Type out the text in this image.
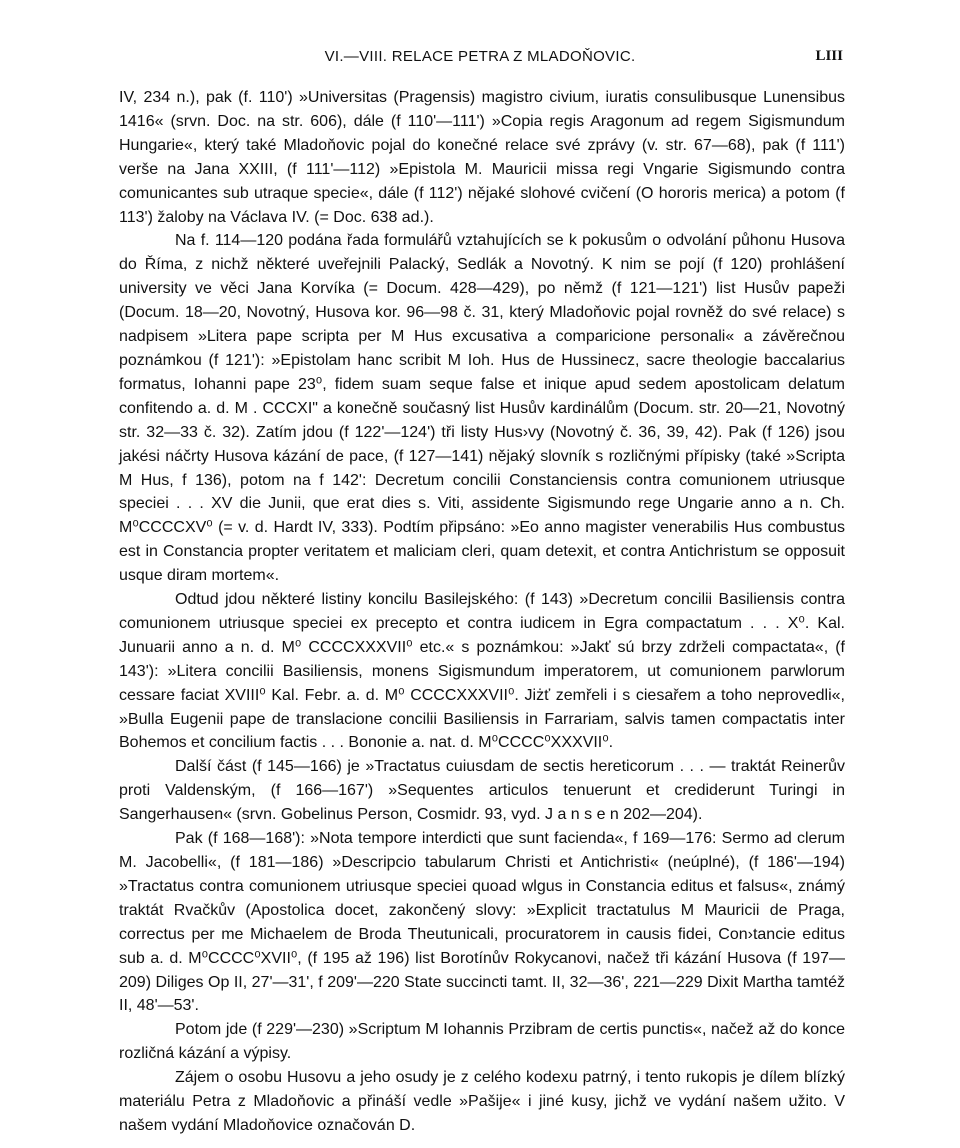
VI.—VIII. RELACE PETRA Z MLADOŇOVIC.	LIII

IV, 234 n.), pak (f. 110') »Universitas (Pragensis) magistro civium, iuratis consulibusque Lunensibus 1416« (srvn. Doc. na str. 606), dále (f 110'—111') »Copia regis Aragonum ad regem Sigismundum Hungarie«, který také Mladoňovic pojal do konečné relace své zprávy (v. str. 67—68), pak (f 111') verše na Jana XXIII, (f 111'—112) »Epistola M. Mauricii missa regi Vngarie Sigismundo contra comunicantes sub utraque specie«, dále (f 112') nějaké slohové cvičení (O hororis merica) a potom (f 113') žaloby na Václava IV. (= Doc. 638 ad.).

Na f. 114—120 podána řada formulářů vztahujících se k pokusům o odvolání půhonu Husova do Říma, z nichž některé uveřejnili Palacký, Sedlák a Novotný. K nim se pojí (f 120) prohlášení university ve věci Jana Korvíka (= Docum. 428—429), po němž (f 121—121') list Husův papeži (Docum. 18—20, Novotný, Husova kor. 96—98 č. 31, který Mladoňovic pojal rovněž do své relace) s nadpisem »Litera pape scripta per M Hus excusativa a comparicione personali« a závěrečnou poznámkou (f 121'): »Epistolam hanc scribit M Ioh. Hus de Hussinecz, sacre theologie baccalarius formatus, Iohanni pape 23⁰, fidem suam seque false et inique apud sedem apostolicam delatum confitendo a. d. M . CCCXI" a konečně současný list Husův kardinálům (Docum. str. 20—21, Novotný str. 32—33 č. 32). Zatím jdou (f 122'—124') tři listy Hus›vy (Novotný č. 36, 39, 42). Pak (f 126) jsou jakési náčrty Husova kázání de pace, (f 127—141) nějaký slovník s rozličnými přípisky (také »Scripta M Hus, f 136), potom na f 142': Decretum concilii Constanciensis contra comunionem utriusque speciei . . . XV die Junii, que erat dies s. Viti, assidente Sigismundo rege Ungarie anno a n. Ch. M⁰CCCCXV⁰ (= v. d. Hardt IV, 333). Podtím připsáno: »Eo anno magister venerabilis Hus combustus est in Constancia propter veritatem et maliciam cleri, quam detexit, et contra Antichristum se opposuit usque diram mortem«.

Odtud jdou některé listiny koncilu Basilejského: (f 143) »Decretum concilii Basiliensis contra comunionem utriusque speciei ex precepto et contra iudicem in Egra compactatum . . . X⁰. Kal. Junuarii anno a n. d. M⁰ CCCCXXXVII⁰ etc.« s poznámkou: »Jakť sú brzy zdrželi compactata«, (f 143'): »Litera concilii Basiliensis, monens Sigismundum imperatorem, ut comunionem parwlorum cessare faciat XVIII⁰ Kal. Febr. a. d. M⁰ CCCCXXXVII⁰. Jiżť zemřeli i s ciesařem a toho neprovedli«, »Bulla Eugenii pape de translacione concilii Basiliensis in Farrariam, salvis tamen compactatis inter Bohemos et concilium factis . . . Bononie a. nat. d. M⁰CCCC⁰XXXVII⁰.

Další část (f 145—166) je »Tractatus cuiusdam de sectis hereticorum . . . — traktát Reinerův proti Valdenským, (f 166—167') »Sequentes articulos tenuerunt et crediderunt Turingi in Sangerhausen« (srvn. Gobelinus Person, Cosmidr. 93, vyd. J a n s e n 202—204).

Pak (f 168—168'): »Nota tempore interdicti que sunt facienda«, f 169—176: Sermo ad clerum M. Jacobelli«, (f 181—186) »Descripcio tabularum Christi et Antichristi« (neúplné), (f 186'—194) »Tractatus contra comunionem utriusque speciei quoad wlgus in Constancia editus et falsus«, známý traktát Rvačkův (Apostolica docet, zakončený slovy: »Explicit tractatulus M Mauricii de Praga, correctus per me Michaelem de Broda Theutunicali, procuratorem in causis fidei, Con›tancie editus sub a. d. M⁰CCCC⁰XVII⁰, (f 195 až 196) list Borotínův Rokycanovi, načež tři kázání Husova (f 197—209) Diliges Op II, 27'—31', f 209'—220 State succincti tamt. II, 32—36', 221—229 Dixit Martha tamtéž II, 48'—53'.

Potom jde (f 229'—230) »Scriptum M Iohannis Przibram de certis punctis«, načež až do konce rozličná kázání a výpisy.

Zájem o osobu Husovu a jeho osudy je z celého kodexu patrný, i tento rukopis je dílem blízký materiálu Petra z Mladoňovic a přináší vedle »Pašije« i jiné kusy, jichž ve vydání našem užito. V našem vydání Mladoňovice označován D.
